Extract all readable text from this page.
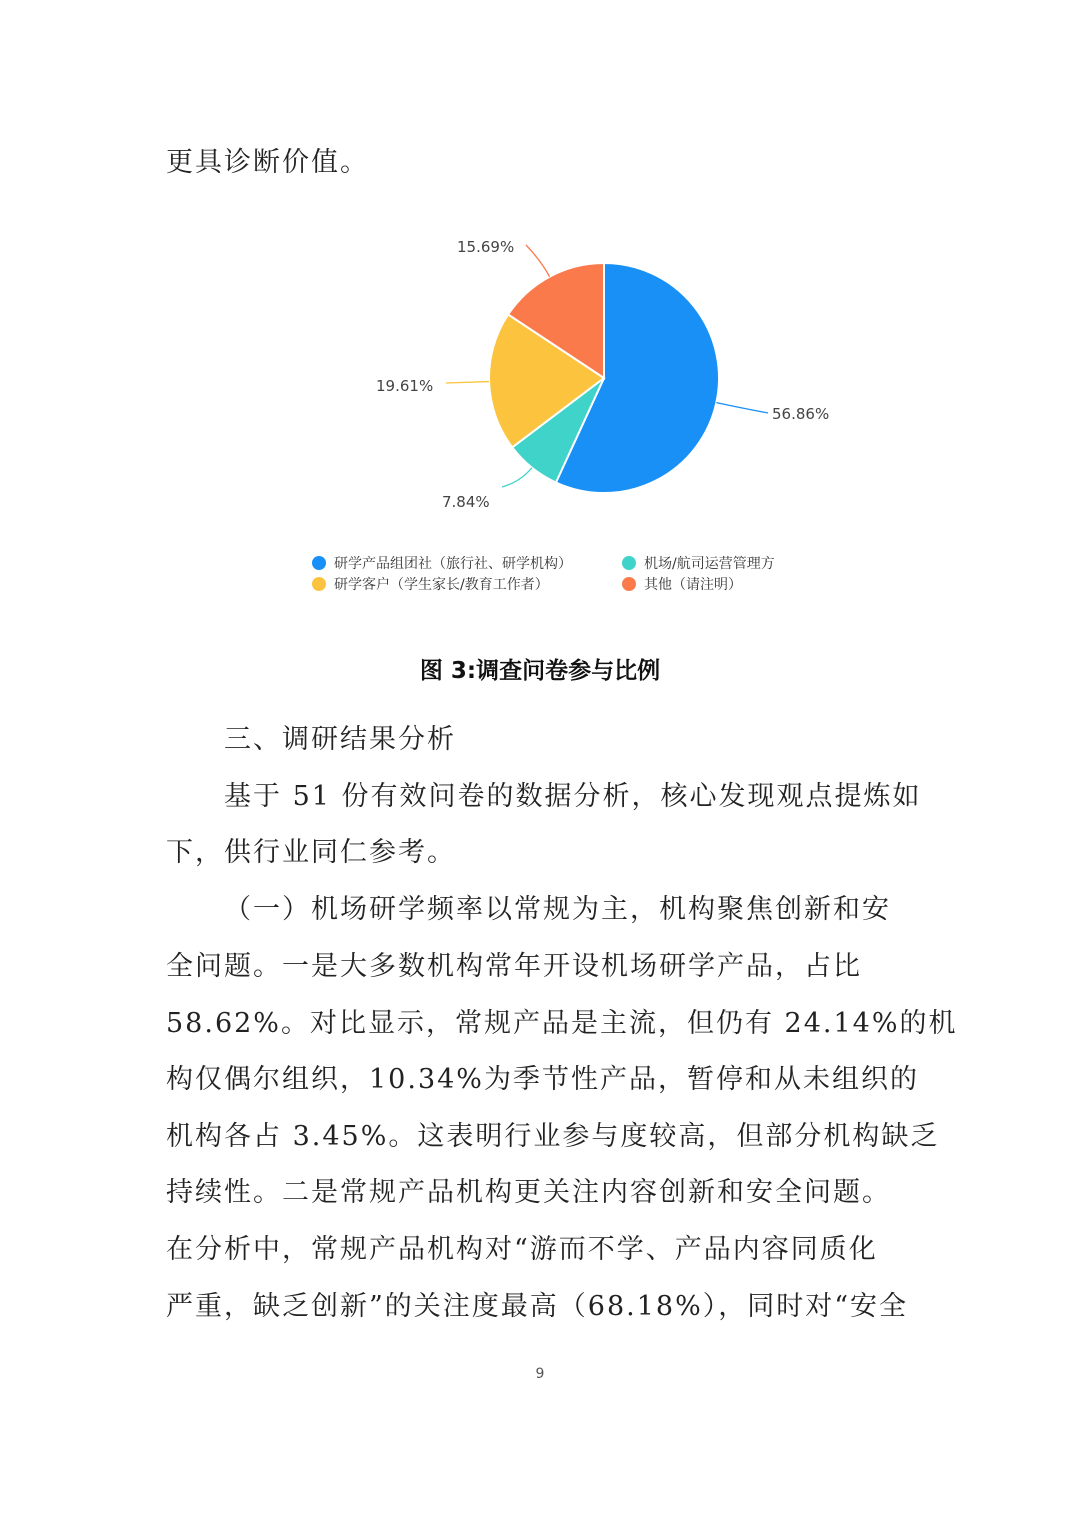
更具诊断价值。
56.86%
7.84%
19.61%
15.69%
研学产品组团社（旅行社、研学机构）	机场/航司运营管理方
研学客户（学生家长/教育工作者）	其他（请注明）
图 3:调查问卷参与比例
三、调研结果分析
基于 51 份有效问卷的数据分析，核心发现观点提炼如
下，供行业同仁参考。
（一）机场研学频率以常规为主，机构聚焦创新和安
全问题。一是大多数机构常年开设机场研学产品，占比
58.62%。对比显示，常规产品是主流，但仍有 24.14%的机
构仅偶尔组织，10.34%为季节性产品，暂停和从未组织的
机构各占 3.45%。这表明行业参与度较高，但部分机构缺乏
持续性。二是常规产品机构更关注内容创新和安全问题。
在分析中，常规产品机构对“游而不学、产品内容同质化
严重，缺乏创新”的关注度最高（68.18%），同时对“安全
9
